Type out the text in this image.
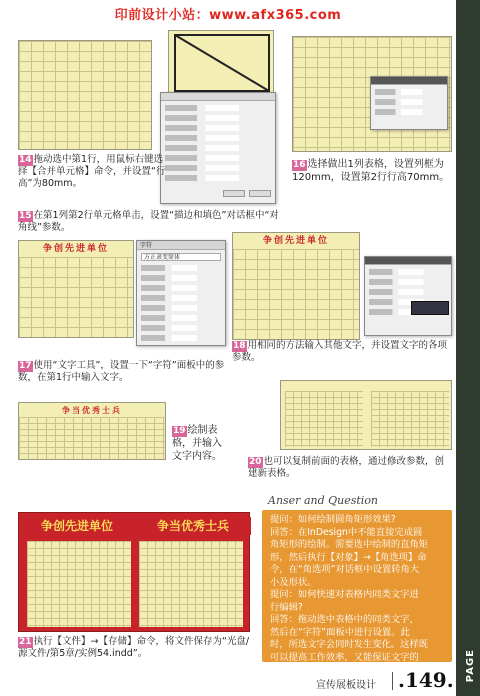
印前设计小站：www.afx365.com
PAGE
14 拖动选中第1行，用鼠标右键选择【合并单元格】命令，并设置“行高”为80mm。
16 选择做出1列表格，设置列框为120mm，设置第2行行高70mm。
15 在第1列第2行单元格单击，设置“描边和填色”对话框中“对角线”参数。
争创先进单位	字符
方正隶变简体
争创先进单位
18 用相同的方法输入其他文字，并设置文字的各项参数。
17 使用“文字工具”，设置一下“字符”面板中的参数，在第1行中输入文字。
争当优秀士兵
19 绘制表格，并输入文字内容。	20 也可以复制前面的表格，通过修改参数，创建新表格。
争创先进单位	争当优秀士兵
21 执行【文件】→【存储】命令，将文件保存为“光盘/源文件/第5章/实例54.indd”。
Anser and Question
提问：如何绘制圆角矩形效果?
回答：在InDesign中不能直接完成圆
角矩形的绘制。需要选中绘制的直角矩
形，然后执行【对象】→【角选项】命
令，在“角选项”对话框中设置转角大
小及形状。
提问：如何快速对表格内同类文字进
行编辑?
回答：拖动选中表格中的同类文字，
然后在“字符”面板中进行设置。此
时，所选文字会同时发生变化。这样既
可以提高工作效率，又能保证文字的
宣传展板设计 .149.
